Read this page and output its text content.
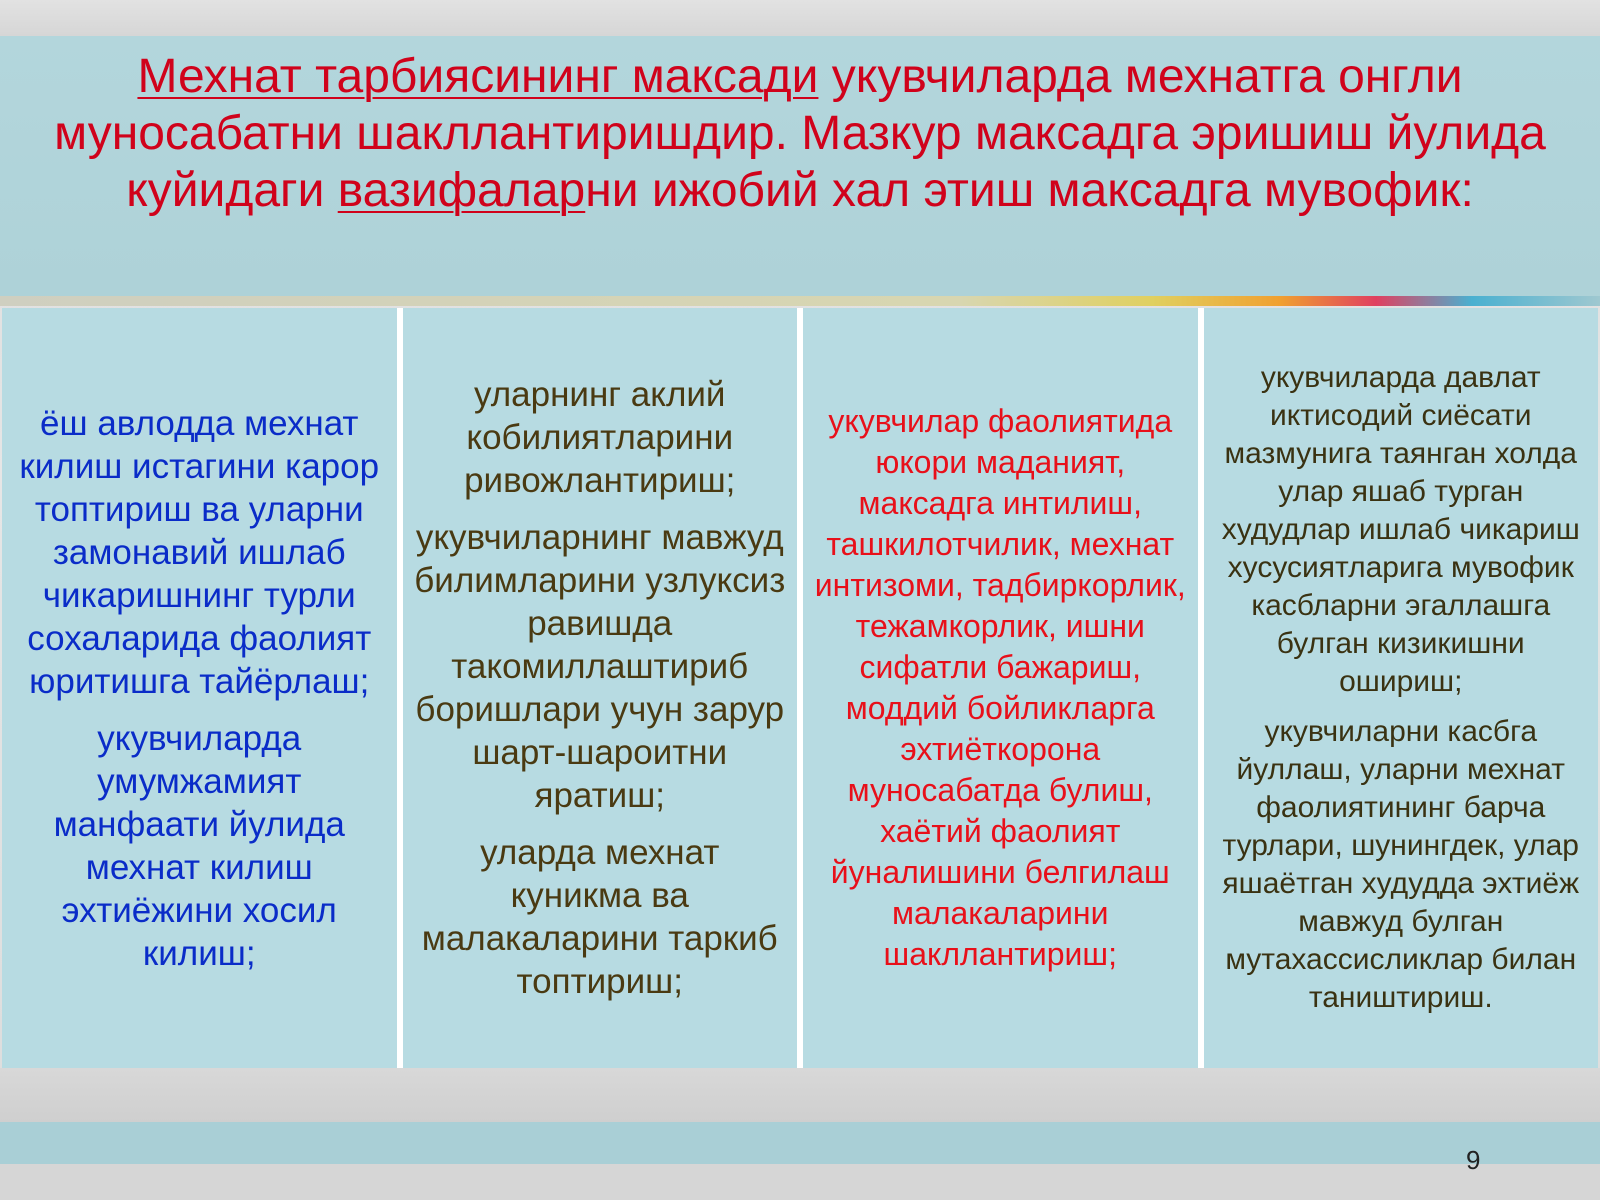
Мехнат тарбиясининг максади укувчиларда мехнатга онгли муносабатни шакллантиришдир. Мазкур максадга эришиш йулида куйидаги вазифаларни ижобий хал этиш максадга мувофик:

ёш авлодда мехнат килиш истагини карор топтириш ва уларни замонавий ишлаб чикаришнинг турли сохаларида фаолият юритишга тайёрлаш;

укувчиларда умумжамият манфаати йулида мехнат килиш эхтиёжини хосил килиш;

уларнинг аклий кобилиятларини ривожлантириш;

укувчиларнинг мавжуд билимларини узлуксиз равишда такомиллаштириб боришлари учун зарур шарт-шароитни яратиш;

уларда мехнат куникма ва малакаларини таркиб топтириш;

укувчилар фаолиятида юкори маданият, максадга интилиш, ташкилотчилик, мехнат интизоми, тадбиркорлик, тежамкорлик, ишни сифатли бажариш, моддий бойликларга эхтиёткорона муносабатда булиш, хаётий фаолият йуналишини белгилаш малакаларини шакллантириш;

укувчиларда давлат иктисодий сиёсати мазмунига таянган холда улар яшаб турган худудлар ишлаб чикариш хусусиятларига мувофик касбларни эгаллашга булган кизикишни ошириш;

укувчиларни касбга йуллаш, уларни мехнат фаолиятининг барча турлари, шунингдек, улар яшаётган худудда эхтиёж мавжуд булган мутахассисликлар билан таништириш.

9
